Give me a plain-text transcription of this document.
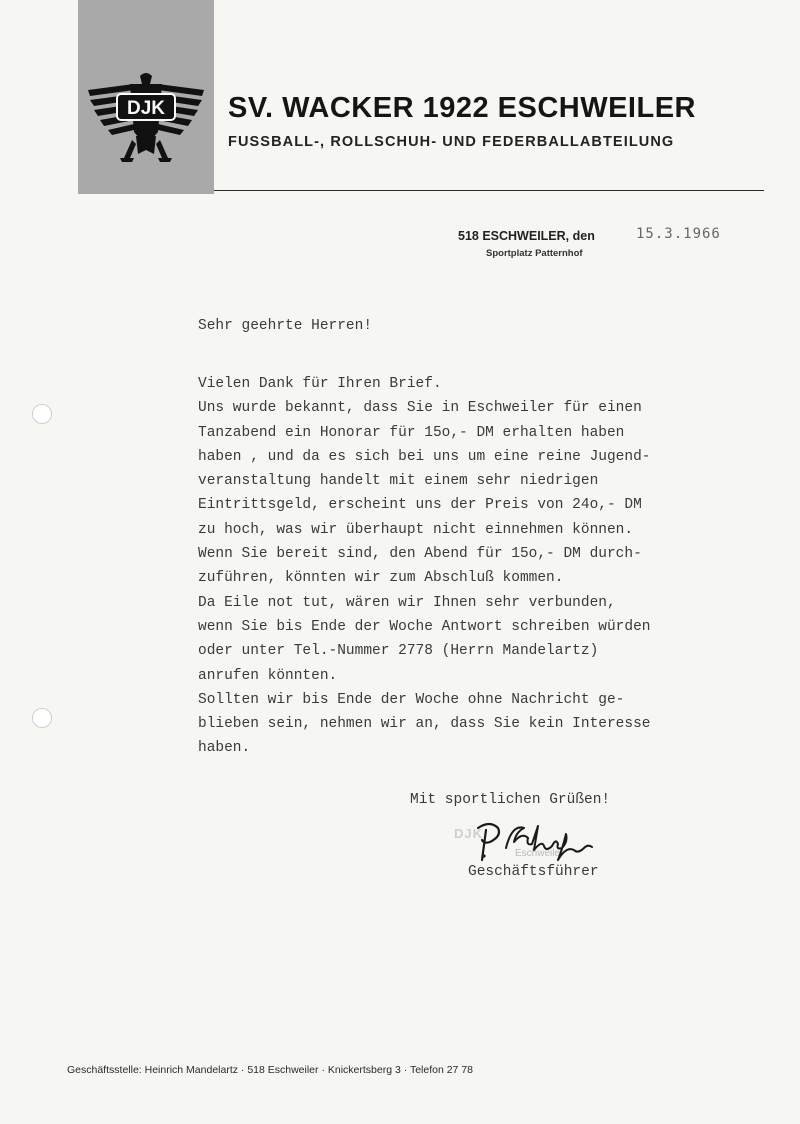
DJK SV. WACKER 1922 ESCHWEILER
FUSSBALL-, ROLLSCHUH- UND FEDERBALLABTEILUNG
518 ESCHWEILER, den	15.3.1966
Sportplatz Patternhof
Sehr geehrte Herren!
Vielen Dank für Ihren Brief.
Uns wurde bekannt, dass Sie in Eschweiler für einen
Tanzabend ein Honorar für 15o,- DM erhalten haben
haben , und da es sich bei uns um eine reine Jugend-
veranstaltung handelt mit einem sehr niedrigen
Eintrittsgeld, erscheint uns der Preis von 24o,- DM
zu hoch, was wir überhaupt nicht einnehmen können.
Wenn Sie bereit sind, den Abend für 15o,- DM durch-
zuführen, könnten wir zum Abschluß kommen.
Da Eile not tut, wären wir Ihnen sehr verbunden,
wenn Sie bis Ende der Woche Antwort schreiben würden
oder unter Tel.-Nummer 2778 (Herrn Mandelartz)
anrufen könnten.
Sollten wir bis Ende der Woche ohne Nachricht ge-
blieben sein, nehmen wir an, dass Sie kein Interesse
haben.
Mit sportlichen Grüßen!
DJK
Eschweiler
Geschäftsführer
Geschäftsstelle: Heinrich Mandelartz · 518 Eschweiler · Knickertsberg 3 · Telefon 27 78
